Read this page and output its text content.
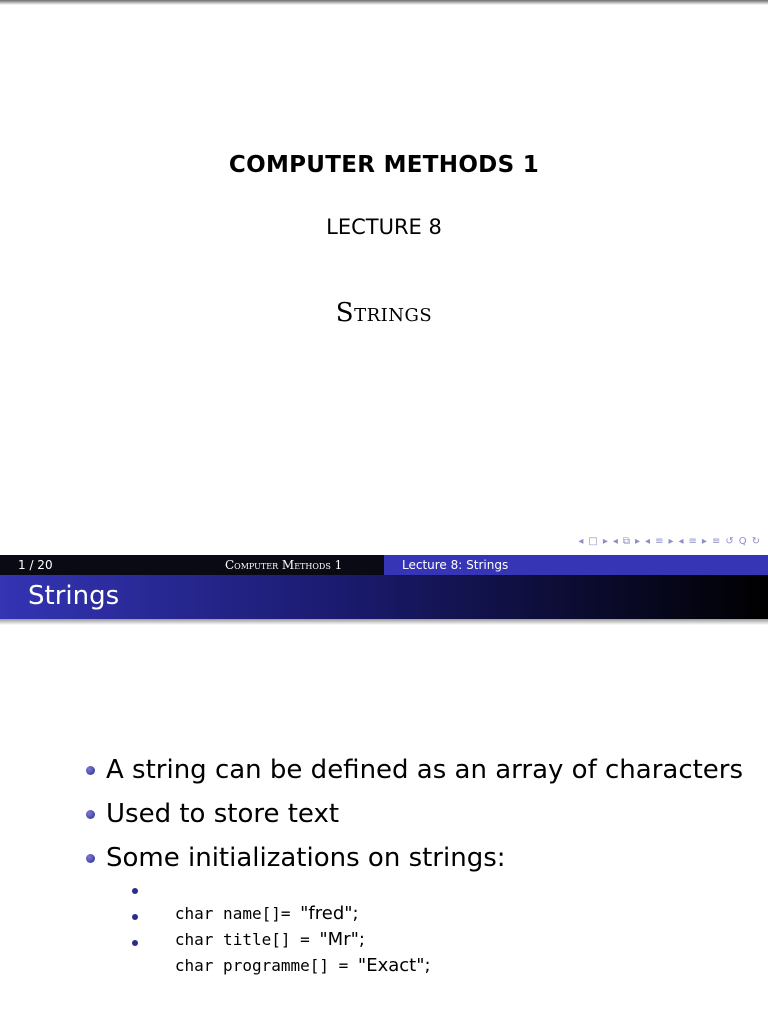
COMPUTER METHODS 1
LECTURE 8
Strings
◂ □ ▸ ◂ ⧉ ▸ ◂ ≡ ▸ ◂ ≡ ▸ ≡ ↺ Q ↻
1 / 20	Computer Methods 1	Lecture 8: Strings
Strings
A string can be defined as an array of characters
Used to store text
Some initializations on strings:

char name[]= "fred";

char title[] = "Mr";

char programme[] = "Exact";
